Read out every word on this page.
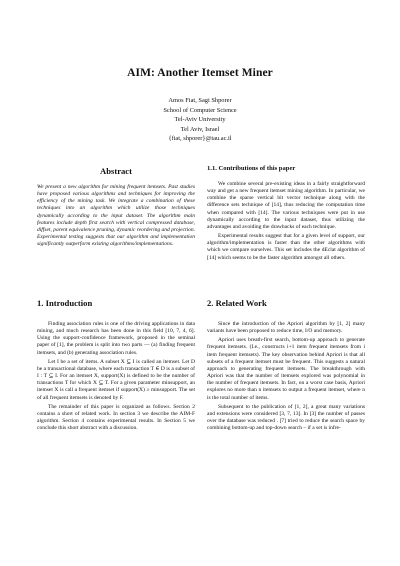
AIM: Another Itemset Miner
Amos Fiat, Sagi Shporer
School of Computer Science
Tel-Aviv University
Tel Aviv, Israel
{fiat, shporer}@tau.ac.il
Abstract

We present a new algorithm for mining frequent itemsets. Past studies have proposed various algorithms and techniques for improving the efficiency of the mining task. We integrate a combination of these techniques into an algorithm which utilize those techniques dynamically according to the input dataset. The algorithm main features include depth first search with vertical compressed database, diffset, parent equivalence pruning, dynamic reordering and projection. Experimental testing suggests that our algorithm and implementation significantly outperform existing algorithms/implementations.

1. Introduction

Finding association rules is one of the driving applications in data mining, and much research has been done in this field [10, 7, 4, 6]. Using the support-confidence framework, proposed in the seminal paper of [1], the problem is split into two parts — (a) finding frequent itemsets, and (b) generating association rules.

Let I be a set of items. A subset X ⊆ I is called an itemset. Let D be a transactional database, where each transaction T ∈ D is a subset of I : T ⊆ I. For an itemset X, support(X) is defined to be the number of transactions T for which X ⊆ T. For a given parameter minsupport, an itemset X is call a frequent itemset if support(X) ≥ minsupport. The set of all frequent itemsets is denoted by F.

The remainder of this paper is organized as follows. Section 2 contains a short of related work. In section 3 we describe the AIM-F algorithm. Section 4 contains experimental results. In Section 5 we conclude this short abstract with a discussion.

1.1. Contributions of this paper

We combine several pre-existing ideas in a fairly straightforward way and get a new frequent itemset mining algorithm. In particular, we combine the sparse vertical bit vector technique along with the difference sets technique of [14], thus reducing the computation time when compared with [14]. The various techniques were put in use dynamically according to the input dataset, thus utilizing the advantages and avoiding the drawbacks of each technique.

Experimental results suggest that for a given level of support, our algorithm/implementation is faster than the other algorithms with which we compare ourselves. This set includes the dEclat algorithm of [14] which seems to be the faster algorithm amongst all others.

2. Related Work

Since the introduction of the Apriori algorithm by [1, 2] many variants have been proposed to reduce time, I/O and memory.

Apriori uses breath-first search, bottom-up approach to generate frequent itemsets. (I.e., constructs i+1 item frequent itemsets from i item frequent itemsets). The key observation behind Apriori is that all subsets of a frequent itemset must be frequent. This suggests a natural approach to generating frequent itemsets. The breakthrough with Apriori was that the number of itemsets explored was polynomial in the number of frequent itemsets. In fact, on a worst case basis, Apriori explores no more than n itemsets to output a frequent itemset, where n is the total number of items.

Subsequent to the publication of [1, 2], a great many variations and extensions were considered [3, 7, 13]. In [3] the number of passes over the database was reduced . [7] tried to reduce the search space by combining bottom-up and top-down search – if a set is infre-
